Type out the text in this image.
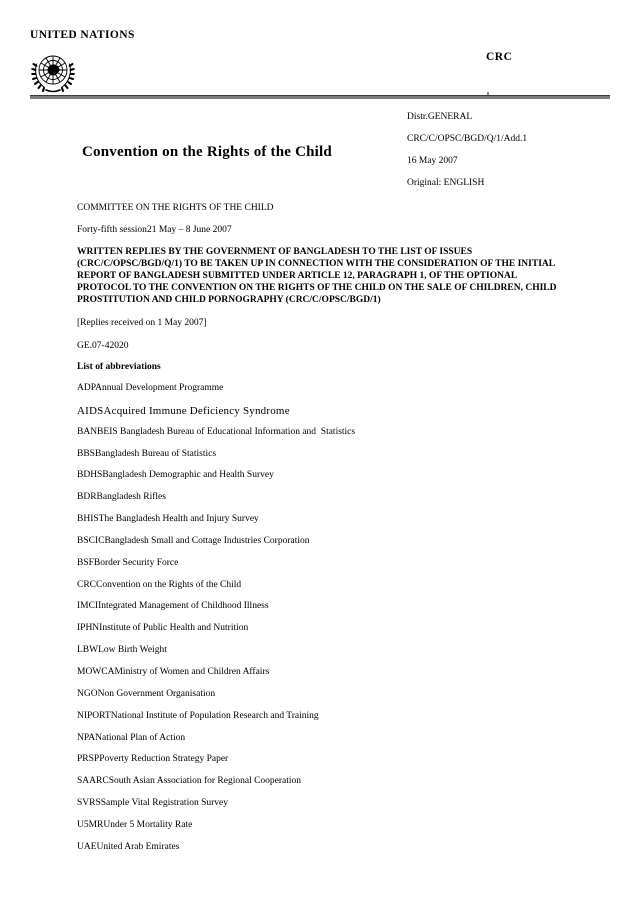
UNITED NATIONS
CRC
Convention on the Rights of the Child
Distr.GENERAL
CRC/C/OPSC/BGD/Q/1/Add.1
16 May 2007
Original: ENGLISH
COMMITTEE ON THE RIGHTS OF THE CHILD
Forty-fifth session21 May – 8 June 2007
WRITTEN REPLIES BY THE GOVERNMENT OF BANGLADESH TO THE LIST OF ISSUES
(CRC/C/OPSC/BGD/Q/1) TO BE TAKEN UP IN CONNECTION WITH THE CONSIDERATION OF THE INITIAL
REPORT OF BANGLADESH SUBMITTED UNDER ARTICLE 12, PARAGRAPH 1, OF THE OPTIONAL
PROTOCOL TO THE CONVENTION ON THE RIGHTS OF THE CHILD ON THE SALE OF CHILDREN, CHILD
PROSTITUTION AND CHILD PORNOGRAPHY (CRC/C/OPSC/BGD/1)
[Replies received on 1 May 2007]
GE.07-42020
List of abbreviations
ADPAnnual Development Programme
AIDSAcquired Immune Deficiency Syndrome
BANBEIS Bangladesh Bureau of Educational Information and  Statistics
BBSBangladesh Bureau of Statistics
BDHSBangladesh Demographic and Health Survey
BDRBangladesh Rifles
BHISThe Bangladesh Health and Injury Survey
BSCICBangladesh Small and Cottage Industries Corporation
BSFBorder Security Force
CRCConvention on the Rights of the Child
IMCIIntegrated Management of Childhood Illness
IPHNInstitute of Public Health and Nutrition
LBWLow Birth Weight
MOWCAMinistry of Women and Children Affairs
NGONon Government Organisation
NIPORTNational Institute of Population Research and Training
NPANational Plan of Action
PRSPPoverty Reduction Strategy Paper
SAARCSouth Asian Association for Regional Cooperation
SVRSSample Vital Registration Survey
U5MRUnder 5 Mortality Rate
UAEUnited Arab Emirates
